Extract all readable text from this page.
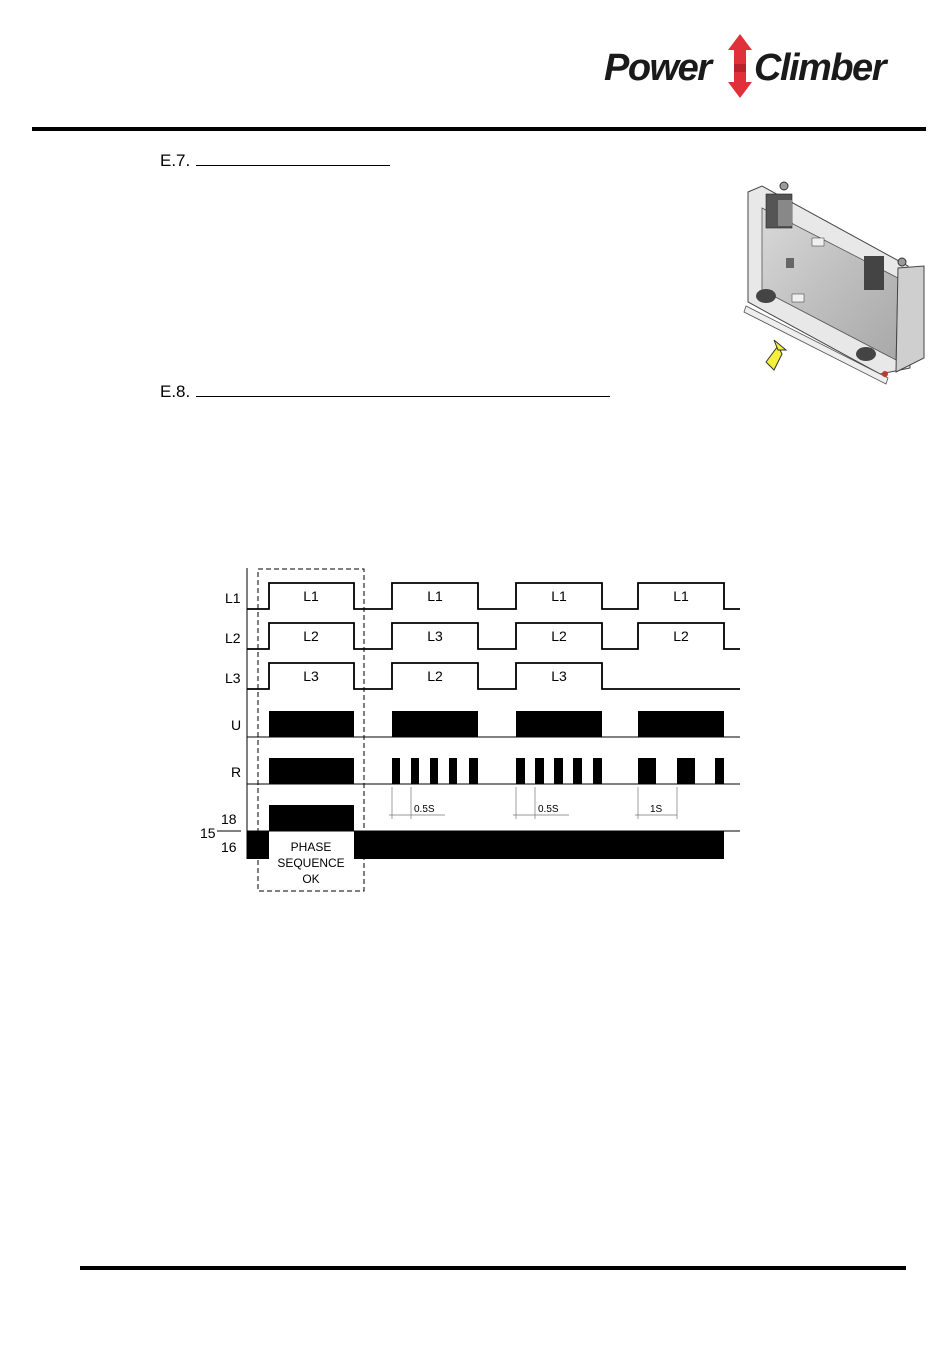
Power Climber
E.7.
E.8.
L1
L2
L3
U
R
18
16
15
L1	L1	L1	L1
L2	L3	L2	L2
L3	L2	L3
0.5S	0.5S	1S
PHASE
SEQUENCE
OK
